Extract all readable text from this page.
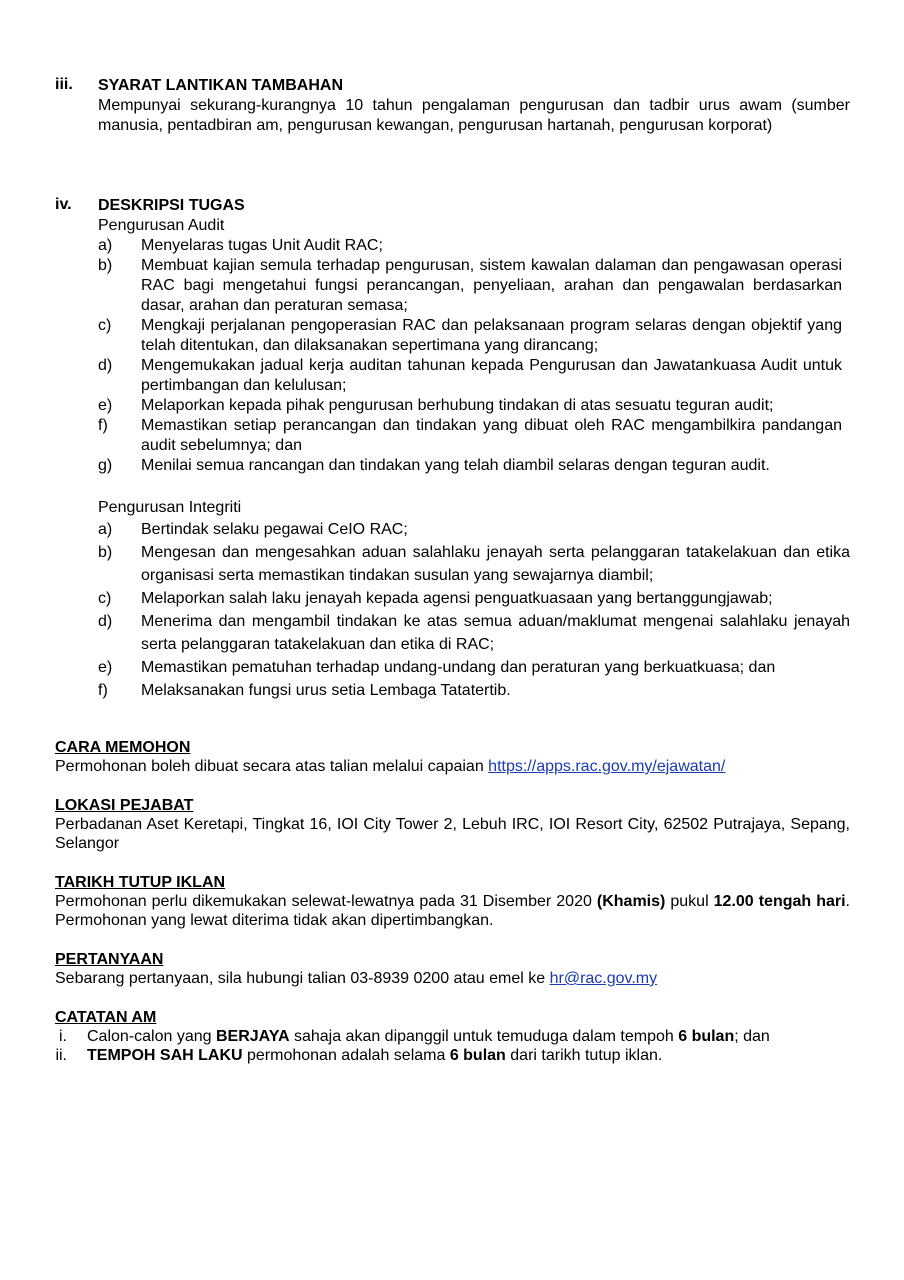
iii. SYARAT LANTIKAN TAMBAHAN
Mempunyai sekurang-kurangnya 10 tahun pengalaman pengurusan dan tadbir urus awam (sumber manusia, pentadbiran am, pengurusan kewangan, pengurusan hartanah, pengurusan korporat)
iv. DESKRIPSI TUGAS
Pengurusan Audit
a) Menyelaras tugas Unit Audit RAC;
b) Membuat kajian semula terhadap pengurusan, sistem kawalan dalaman dan pengawasan operasi RAC bagi mengetahui fungsi perancangan, penyeliaan, arahan dan pengawalan berdasarkan dasar, arahan dan peraturan semasa;
c) Mengkaji perjalanan pengoperasian RAC dan pelaksanaan program selaras dengan objektif yang telah ditentukan, dan dilaksanakan sepertimana yang dirancang;
d) Mengemukakan jadual kerja auditan tahunan kepada Pengurusan dan Jawatankuasa Audit untuk pertimbangan dan kelulusan;
e) Melaporkan kepada pihak pengurusan berhubung tindakan di atas sesuatu teguran audit;
f) Memastikan setiap perancangan dan tindakan yang dibuat oleh RAC mengambilkira pandangan audit sebelumnya; dan
g) Menilai semua rancangan dan tindakan yang telah diambil selaras dengan teguran audit.
Pengurusan Integriti
a) Bertindak selaku pegawai CeIO RAC;
b) Mengesan dan mengesahkan aduan salahlaku jenayah serta pelanggaran tatakelakuan dan etika organisasi serta memastikan tindakan susulan yang sewajarnya diambil;
c) Melaporkan salah laku jenayah kepada agensi penguatkuasaan yang bertanggungjawab;
d) Menerima dan mengambil tindakan ke atas semua aduan/maklumat mengenai salahlaku jenayah serta pelanggaran tatakelakuan dan etika di RAC;
e) Memastikan pematuhan terhadap undang-undang dan peraturan yang berkuatkuasa; dan
f) Melaksanakan fungsi urus setia Lembaga Tatatertib.
CARA MEMOHON
Permohonan boleh dibuat secara atas talian melalui capaian https://apps.rac.gov.my/ejawatan/
LOKASI PEJABAT
Perbadanan Aset Keretapi, Tingkat 16, IOI City Tower 2, Lebuh IRC, IOI Resort City, 62502 Putrajaya, Sepang, Selangor
TARIKH TUTUP IKLAN
Permohonan perlu dikemukakan selewat-lewatnya pada 31 Disember 2020 (Khamis) pukul 12.00 tengah hari. Permohonan yang lewat diterima tidak akan dipertimbangkan.
PERTANYAAN
Sebarang pertanyaan, sila hubungi talian 03-8939 0200 atau emel ke hr@rac.gov.my
CATATAN AM
i. Calon-calon yang BERJAYA sahaja akan dipanggil untuk temuduga dalam tempoh 6 bulan; dan
ii. TEMPOH SAH LAKU permohonan adalah selama 6 bulan dari tarikh tutup iklan.
